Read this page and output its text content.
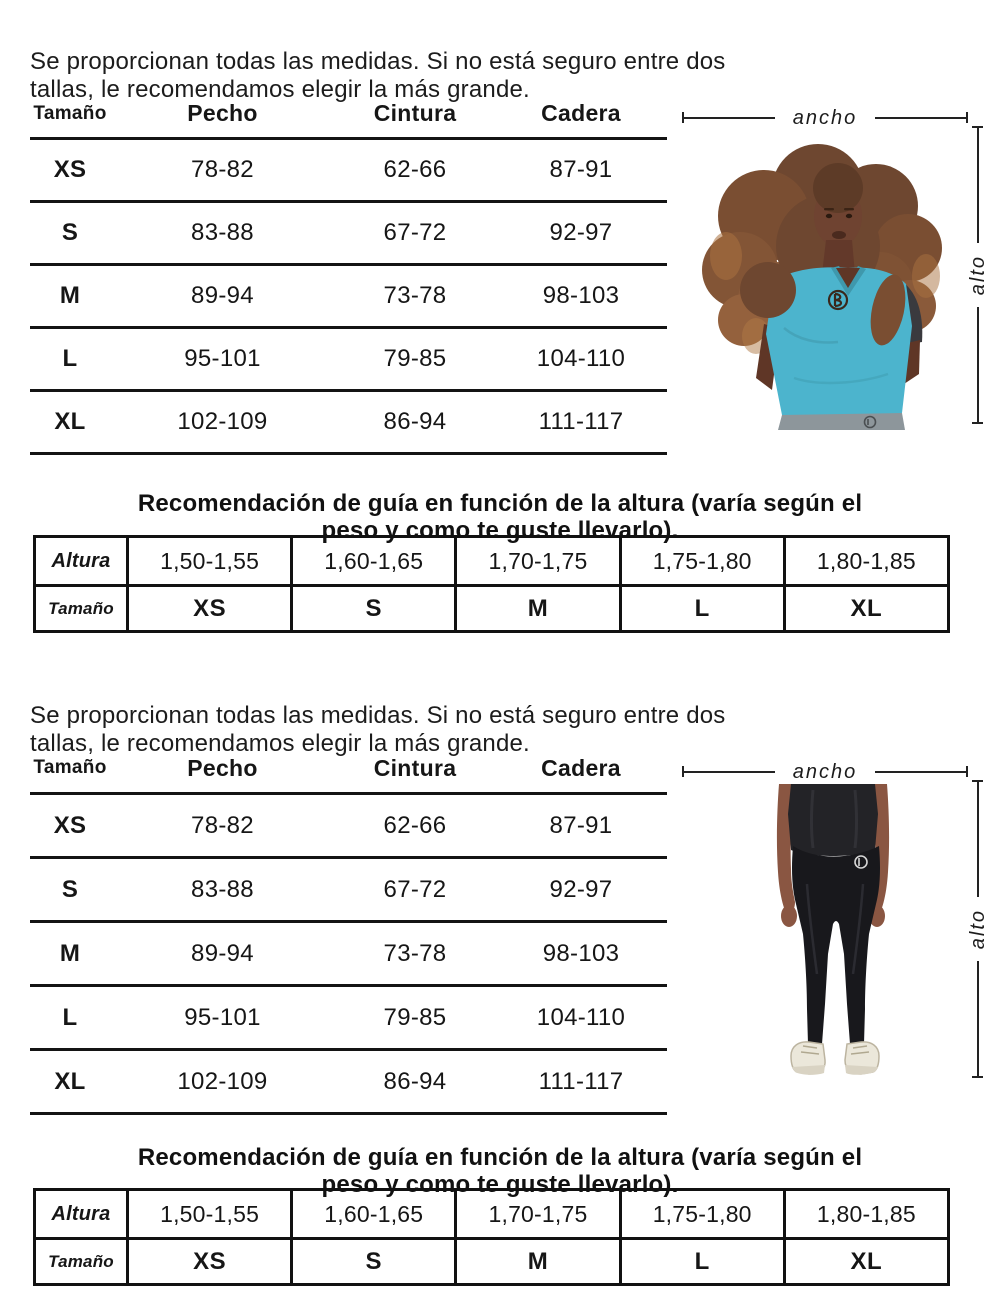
Se proporcionan todas las medidas. Si no está seguro entre dos
tallas, le recomendamos elegir la más grande.

Tamaño	Pecho	Cintura	Cadera
XS	78-82	62-66	87-91
S	83-88	67-72	92-97
M	89-94	73-78	98-103
L	95-101	79-85	104-110
XL	102-109	86-94	111-117
ancho
alto
Recomendación de guía en función de la altura (varía según el
peso y como te guste llevarlo).
Altura 1,50-1,55	1,60-1,65	1,70-1,75	1,75-1,80	1,80-1,85
Tamaño	XS	S	M	L	XL

Se proporcionan todas las medidas. Si no está seguro entre dos
tallas, le recomendamos elegir la más grande.

Tamaño	Pecho	Cintura	Cadera
XS	78-82	62-66	87-91
S	83-88	67-72	92-97
M	89-94	73-78	98-103
L	95-101	79-85	104-110
XL	102-109	86-94	111-117
ancho
alto
Recomendación de guía en función de la altura (varía según el
peso y como te guste llevarlo).
Altura 1,50-1,55	1,60-1,65	1,70-1,75	1,75-1,80	1,80-1,85
Tamaño	XS	S	M	L	XL
